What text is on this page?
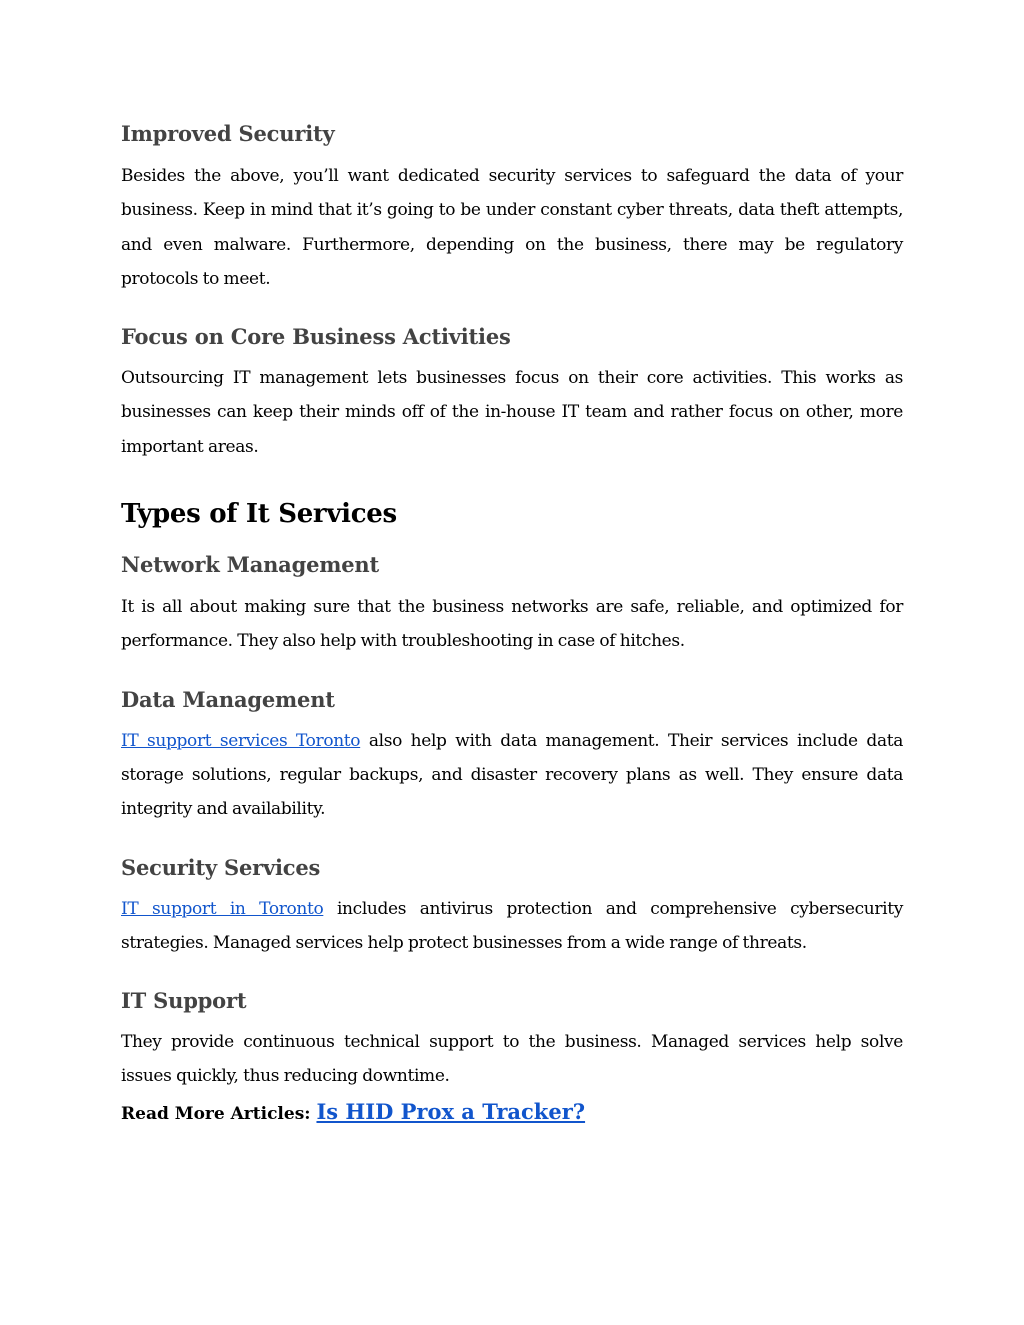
Improved Security

Besides the above, you’ll want dedicated security services to safeguard the data of your business. Keep in mind that it’s going to be under constant cyber threats, data theft attempts, and even malware. Furthermore, depending on the business, there may be regulatory protocols to meet.

Focus on Core Business Activities

Outsourcing IT management lets businesses focus on their core activities. This works as businesses can keep their minds off of the in-house IT team and rather focus on other, more important areas.

Types of It Services
Network Management

It is all about making sure that the business networks are safe, reliable, and optimized for performance. They also help with troubleshooting in case of hitches.

Data Management

IT support services Toronto also help with data management. Their services include data storage solutions, regular backups, and disaster recovery plans as well. They ensure data integrity and availability.

Security Services

IT support in Toronto includes antivirus protection and comprehensive cybersecurity strategies. Managed services help protect businesses from a wide range of threats.

IT Support

They provide continuous technical support to the business. Managed services help solve issues quickly, thus reducing downtime.

Read More Articles: Is HID Prox a Tracker?
